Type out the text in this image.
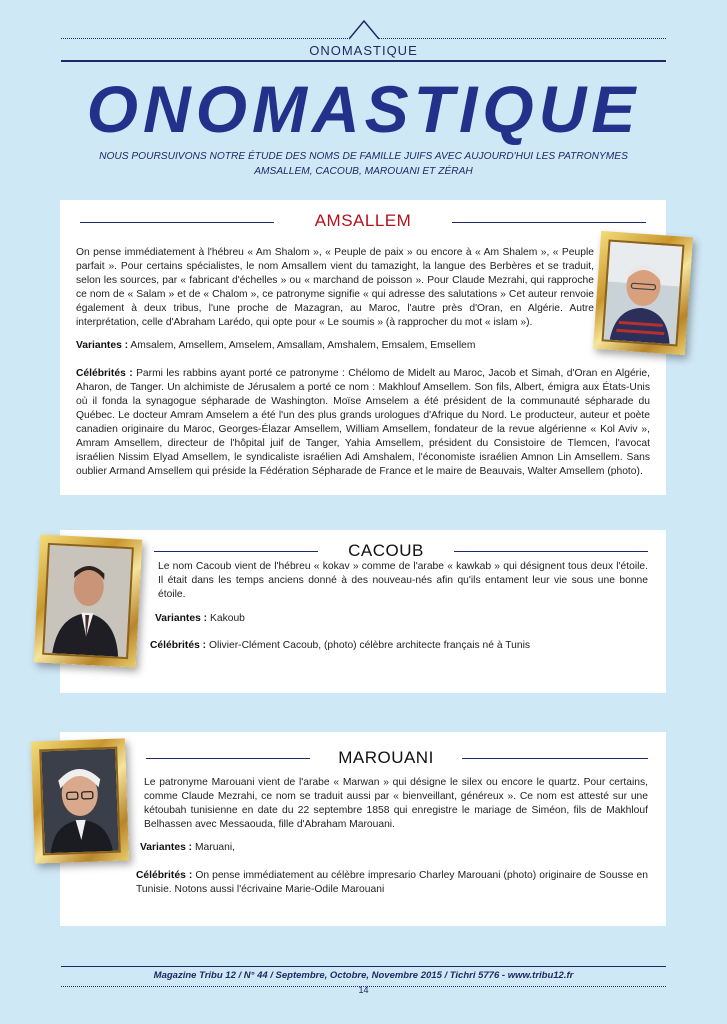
ONOMASTIQUE
ONOMASTIQUE
NOUS POURSUIVONS NOTRE ÉTUDE DES NOMS DE FAMILLE JUIFS AVEC AUJOURD'HUI LES PATRONYMES
AMSALLEM, CACOUB, MAROUANI ET ZÉRAH
AMSALLEM

On pense immédiatement à l'hébreu « Am Shalom », « Peuple de paix » ou encore à « Am Shalem », « Peuple parfait ». Pour certains spécialistes, le nom Amsallem vient du tamazight, la langue des Berbères et se traduit, selon les sources, par « fabricant d'échelles » ou « marchand de poisson ». Pour Claude Mezrahi, qui rapproche ce nom de « Salam » et de « Chalom », ce patronyme signifie « qui adresse des salutations » Cet auteur renvoie également à deux tribus, l'une proche de Mazagran, au Maroc, l'autre près d'Oran, en Algérie. Autre interprétation, celle d'Abraham Larédo, qui opte pour « Le soumis » (à rapprocher du mot « islam »).

Variantes : Amsalem, Amsellem, Amselem, Amsallam, Amshalem, Emsalem, Emsellem

Célébrités : Parmi les rabbins ayant porté ce patronyme : Chélomo de Midelt au Maroc, Jacob et Simah, d'Oran en Algérie, Aharon, de Tanger. Un alchimiste de Jérusalem a porté ce nom : Makhlouf Amsellem. Son fils, Albert, émigra aux États-Unis où il fonda la synagogue sépharade de Washington. Moïse Amselem a été président de la communauté sépharade du Québec. Le docteur Amram Amselem a été l'un des plus grands urologues d'Afrique du Nord. Le producteur, auteur et poète canadien originaire du Maroc, Georges-Élazar Amsellem, William Amsellem, fondateur de la revue algérienne « Kol Aviv », Amram Amsellem, directeur de l'hôpital juif de Tanger, Yahia Amsellem, président du Consistoire de Tlemcen, l'avocat israélien Nissim Elyad Amsellem, le syndicaliste israélien Adi Amshalem, l'économiste israélien Amnon Lin Amsellem. Sans oublier Armand Amsellem qui préside la Fédération Sépharade de France et le maire de Beauvais, Walter Amsellem (photo).

CACOUB

Le nom Cacoub vient de l'hébreu « kokav » comme de l'arabe « kawkab » qui désignent tous deux l'étoile. Il était dans les temps anciens donné à des nouveau-nés afin qu'ils entament leur vie sous une bonne étoile.

Variantes : Kakoub

Célébrités : Olivier-Clément Cacoub, (photo) célèbre architecte français né à Tunis

MAROUANI

Le patronyme Marouani vient de l'arabe « Marwan » qui désigne le silex ou encore le quartz. Pour certains, comme Claude Mezrahi, ce nom se traduit aussi par « bienveillant, généreux ». Ce nom est attesté sur une kétoubah tunisienne en date du 22 septembre 1858 qui enregistre le mariage de Siméon, fils de Makhlouf Belhassen avec Messaouda, fille d'Abraham Marouani.

Variantes : Maruani,

Célébrités : On pense immédiatement au célèbre impresario Charley Marouani (photo) originaire de Sousse en Tunisie. Notons aussi l'écrivaine Marie-Odile Marouani

Magazine Tribu 12 / N° 44 / Septembre, Octobre, Novembre 2015 / Tichri 5776 - www.tribu12.fr
14
